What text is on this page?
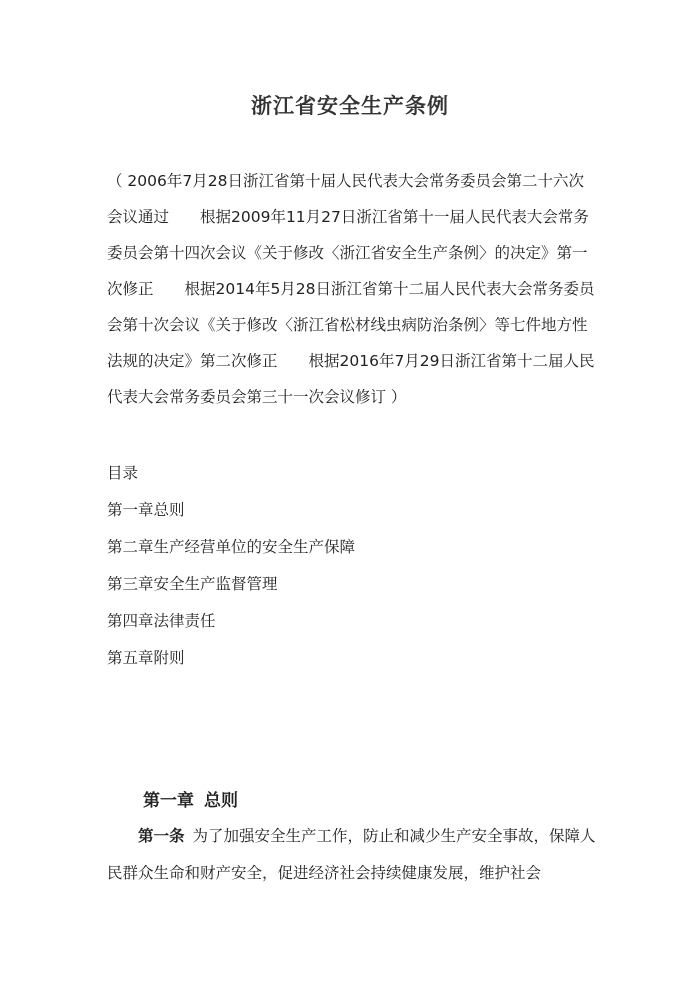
浙江省安全生产条例
（ 2006年7月28日浙江省第十届人民代表大会常务委员会第二十六次会议通过　　根据2009年11月27日浙江省第十一届人民代表大会常务委员会第十四次会议《关于修改〈浙江省安全生产条例〉的决定》第一次修正　　根据2014年5月28日浙江省第十二届人民代表大会常务委员会第十次会议《关于修改〈浙江省松材线虫病防治条例〉等七件地方性法规的决定》第二次修正　　根据2016年7月29日浙江省第十二届人民代表大会常务委员会第三十一次会议修订 ）
目录
第一章总则
第二章生产经营单位的安全生产保障
第三章安全生产监督管理
第四章法律责任
第五章附则
第一章 总则
第一条 为了加强安全生产工作，防止和减少生产安全事故，保障人民群众生命和财产安全，促进经济社会持续健康发展，维护社会
